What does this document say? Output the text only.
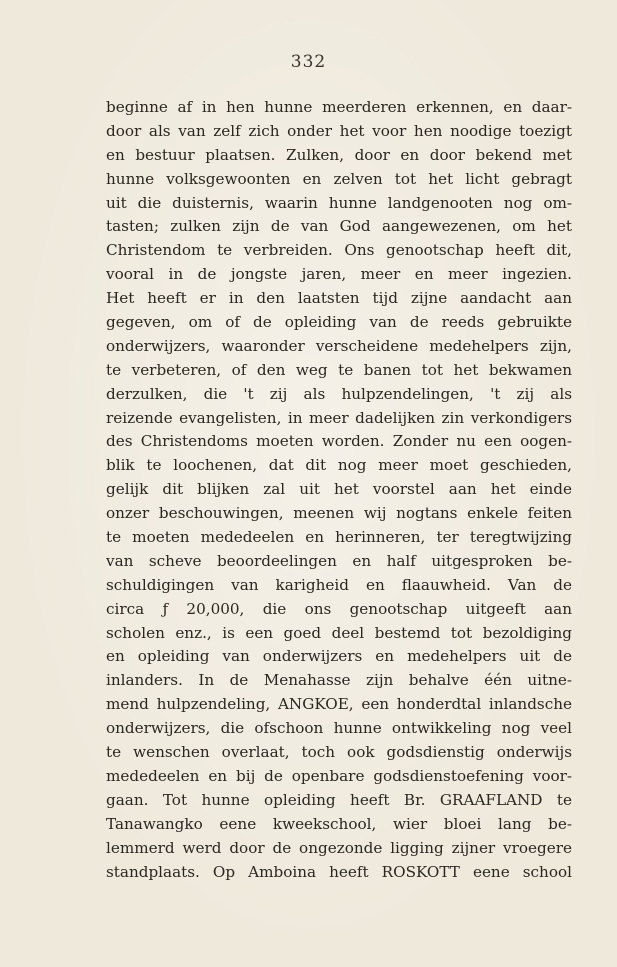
332
beginne af in hen hunne meerderen erkennen, en daar-
door als van zelf zich onder het voor hen noodige toezigt
en bestuur plaatsen. Zulken, door en door bekend met
hunne volksgewoonten en zelven tot het licht gebragt
uit die duisternis, waarin hunne landgenooten nog om-
tasten; zulken zijn de van God aangewezenen, om het
Christendom te verbreiden. Ons genootschap heeft dit,
vooral in de jongste jaren, meer en meer ingezien.
Het heeft er in den laatsten tijd zijne aandacht aan
gegeven, om of de opleiding van de reeds gebruikte
onderwijzers, waaronder verscheidene medehelpers zijn,
te verbeteren, of den weg te banen tot het bekwamen
derzulken, die 't zij als hulpzendelingen, 't zij als
reizende evangelisten, in meer dadelijken zin verkondigers
des Christendoms moeten worden. Zonder nu een oogen-
blik te loochenen, dat dit nog meer moet geschieden,
gelijk dit blijken zal uit het voorstel aan het einde
onzer beschouwingen, meenen wij nogtans enkele feiten
te moeten mededeelen en herinneren, ter teregtwijzing
van scheve beoordeelingen en half uitgesproken be-
schuldigingen van karigheid en flaauwheid. Van de
circa ƒ 20,000, die ons genootschap uitgeeft aan
scholen enz., is een goed deel bestemd tot bezoldiging
en opleiding van onderwijzers en medehelpers uit de
inlanders. In de Menahasse zijn behalve één uitne-
mend hulpzendeling, ANGKOE, een honderdtal inlandsche
onderwijzers, die ofschoon hunne ontwikkeling nog veel
te wenschen overlaat, toch ook godsdienstig onderwijs
mededeelen en bij de openbare godsdienstoefening voor-
gaan. Tot hunne opleiding heeft Br. GRAAFLAND te
Tanawangko eene kweekschool, wier bloei lang be-
lemmerd werd door de ongezonde ligging zijner vroegere
standplaats. Op Amboina heeft ROSKOTT eene school
